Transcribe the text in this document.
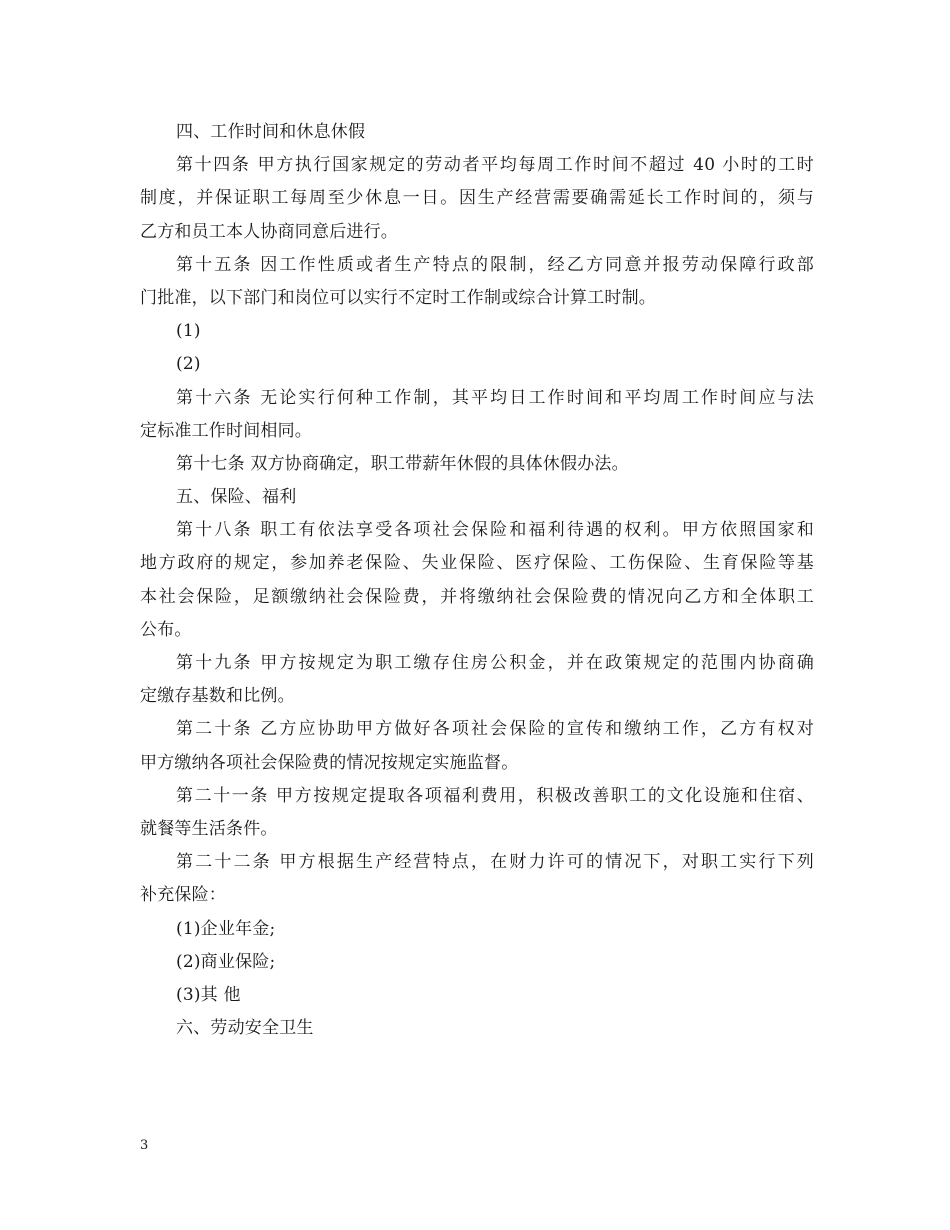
四、工作时间和休息休假
第十四条 甲方执行国家规定的劳动者平均每周工作时间不超过 40 小时的工时
制度，并保证职工每周至少休息一日。因生产经营需要确需延长工作时间的，须与
乙方和员工本人协商同意后进行。
第十五条 因工作性质或者生产特点的限制，经乙方同意并报劳动保障行政部
门批准，以下部门和岗位可以实行不定时工作制或综合计算工时制。
(1)
(2)
第十六条 无论实行何种工作制，其平均日工作时间和平均周工作时间应与法
定标准工作时间相同。
第十七条 双方协商确定，职工带薪年休假的具体休假办法。
五、保险、福利
第十八条 职工有依法享受各项社会保险和福利待遇的权利。甲方依照国家和
地方政府的规定，参加养老保险、失业保险、医疗保险、工伤保险、生育保险等基
本社会保险，足额缴纳社会保险费，并将缴纳社会保险费的情况向乙方和全体职工
公布。
第十九条 甲方按规定为职工缴存住房公积金，并在政策规定的范围内协商确
定缴存基数和比例。
第二十条 乙方应协助甲方做好各项社会保险的宣传和缴纳工作，乙方有权对
甲方缴纳各项社会保险费的情况按规定实施监督。
第二十一条 甲方按规定提取各项福利费用，积极改善职工的文化设施和住宿、
就餐等生活条件。
第二十二条 甲方根据生产经营特点，在财力许可的情况下，对职工实行下列
补充保险：
(1)企业年金;
(2)商业保险;
(3)其 他
六、劳动安全卫生
3
